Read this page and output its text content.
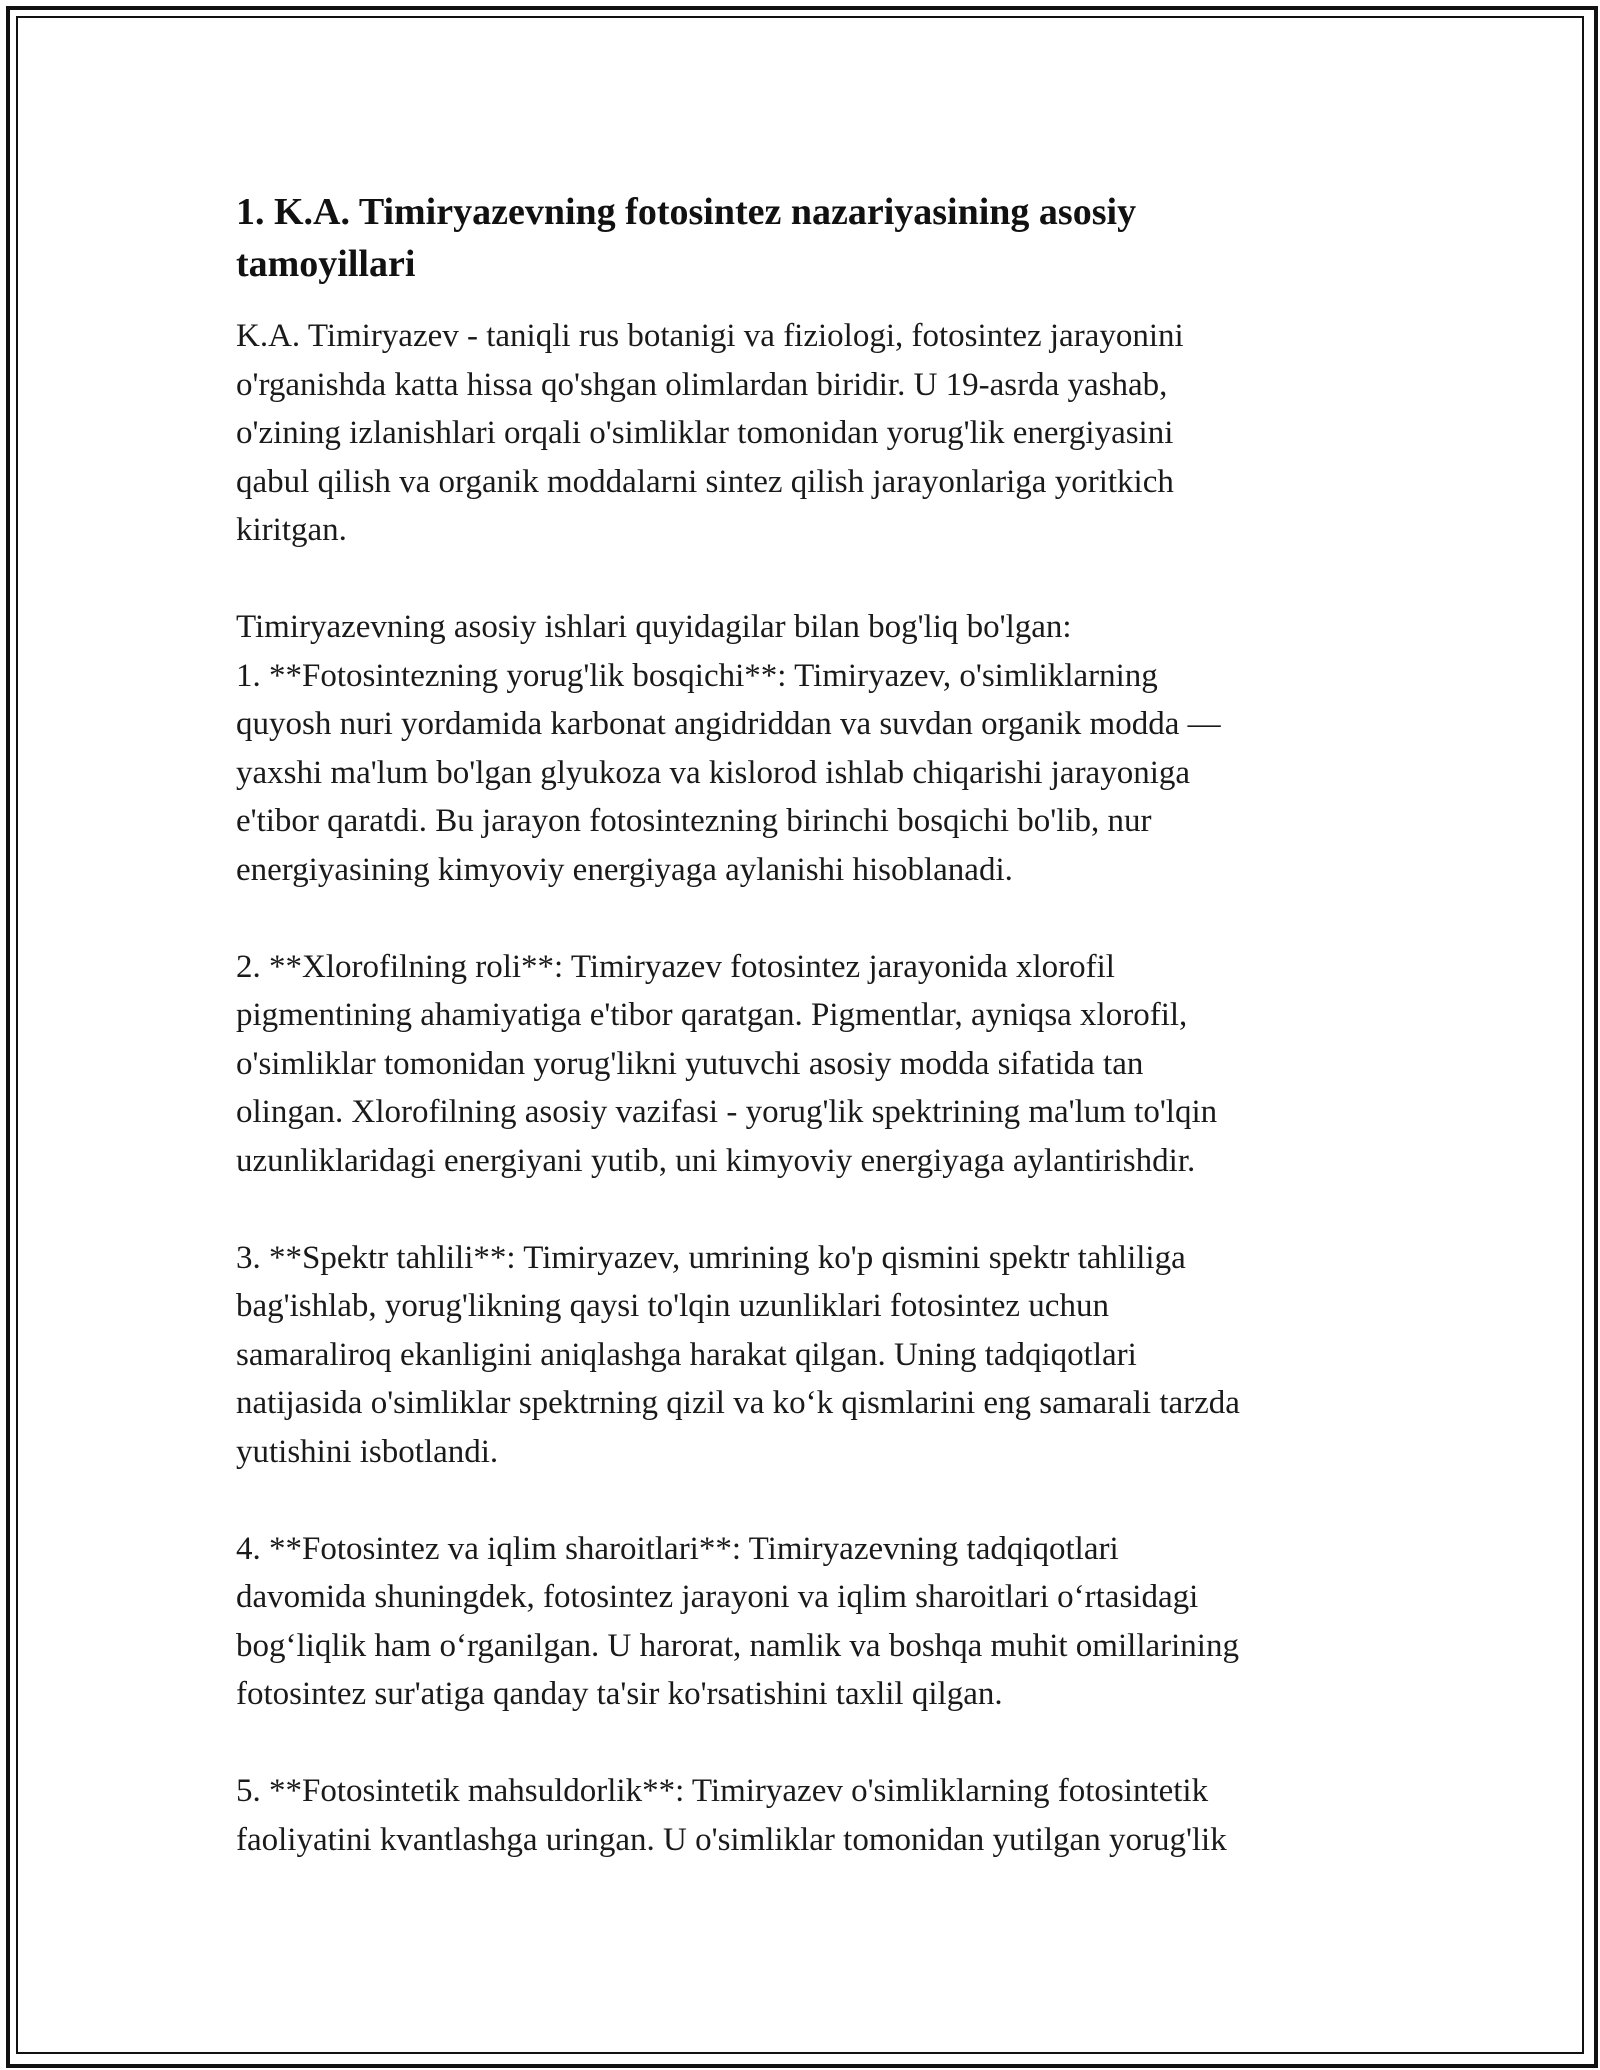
1. K.A. Timiryazevning fotosintez nazariyasining asosiy
tamoyillari

K.A. Timiryazev - taniqli rus botanigi va fiziologi, fotosintez jarayonini
o'rganishda katta hissa qo'shgan olimlardan biridir. U 19-asrda yashab,
o'zining izlanishlari orqali o'simliklar tomonidan yorug'lik energiyasini
qabul qilish va organik moddalarni sintez qilish jarayonlariga yoritkich
kiritgan.

Timiryazevning asosiy ishlari quyidagilar bilan bog'liq bo'lgan:
1. **Fotosintezning yorug'lik bosqichi**: Timiryazev, o'simliklarning
quyosh nuri yordamida karbonat angidriddan va suvdan organik modda —
yaxshi ma'lum bo'lgan glyukoza va kislorod ishlab chiqarishi jarayoniga
e'tibor qaratdi. Bu jarayon fotosintezning birinchi bosqichi bo'lib, nur
energiyasining kimyoviy energiyaga aylanishi hisoblanadi.

2. **Xlorofilning roli**: Timiryazev fotosintez jarayonida xlorofil
pigmentining ahamiyatiga e'tibor qaratgan. Pigmentlar, ayniqsa xlorofil,
o'simliklar tomonidan yorug'likni yutuvchi asosiy modda sifatida tan
olingan. Xlorofilning asosiy vazifasi - yorug'lik spektrining ma'lum to'lqin
uzunliklaridagi energiyani yutib, uni kimyoviy energiyaga aylantirishdir.

3. **Spektr tahlili**: Timiryazev, umrining ko'p qismini spektr tahliliga
bag'ishlab, yorug'likning qaysi to'lqin uzunliklari fotosintez uchun
samaraliroq ekanligini aniqlashga harakat qilgan. Uning tadqiqotlari
natijasida o'simliklar spektrning qizil va ko‘k qismlarini eng samarali tarzda
yutishini isbotlandi.

4. **Fotosintez va iqlim sharoitlari**: Timiryazevning tadqiqotlari
davomida shuningdek, fotosintez jarayoni va iqlim sharoitlari o‘rtasidagi
bog‘liqlik ham o‘rganilgan. U harorat, namlik va boshqa muhit omillarining
fotosintez sur'atiga qanday ta'sir ko'rsatishini taxlil qilgan.

5. **Fotosintetik mahsuldorlik**: Timiryazev o'simliklarning fotosintetik
faoliyatini kvantlashga uringan. U o'simliklar tomonidan yutilgan yorug'lik
